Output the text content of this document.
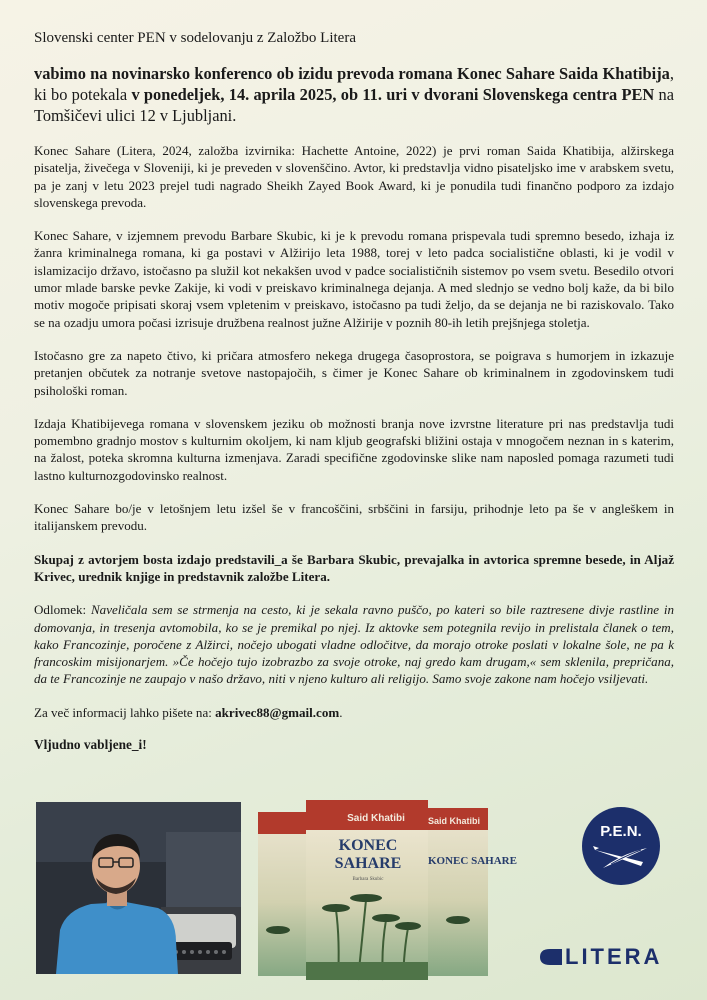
Slovenski center PEN v sodelovanju z Založbo Litera

vabimo na novinarsko konferenco ob izidu prevoda romana Konec Sahare Saida Khatibija, ki bo potekala v ponedeljek, 14. aprila 2025, ob 11. uri v dvorani Slovenskega centra PEN na Tomšičevi ulici 12 v Ljubljani.

Konec Sahare (Litera, 2024, založba izvirnika: Hachette Antoine, 2022) je prvi roman Saida Khatibija, alžirskega pisatelja, živečega v Sloveniji, ki je preveden v slovenščino. Avtor, ki predstavlja vidno pisateljsko ime v arabskem svetu, pa je zanj v letu 2023 prejel tudi nagrado Sheikh Zayed Book Award, ki je ponudila tudi finančno podporo za izdajo slovenskega prevoda.

Konec Sahare, v izjemnem prevodu Barbare Skubic, ki je k prevodu romana prispevala tudi spremno besedo, izhaja iz žanra kriminalnega romana, ki ga postavi v Alžirijo leta 1988, torej v leto padca socialistične oblasti, ki je vodil v islamizacijo državo, istočasno pa služil kot nekakšen uvod v padce socialističnih sistemov po vsem svetu. Besedilo otvori umor mlade barske pevke Zakije, ki vodi v preiskavo kriminalnega dejanja. A med slednjo se vedno bolj kaže, da bi bilo motiv mogoče pripisati skoraj vsem vpletenim v preiskavo, istočasno pa tudi željo, da se dejanja ne bi raziskovalo. Tako se na ozadju umora počasi izrisuje družbena realnost južne Alžirije v poznih 80-ih letih prejšnjega stoletja.

Istočasno gre za napeto čtivo, ki pričara atmosfero nekega drugega časoprostora, se poigrava s humorjem in izkazuje pretanjen občutek za notranje svetove nastopajočih, s čimer je Konec Sahare ob kriminalnem in zgodovinskem tudi psihološki roman.

Izdaja Khatibijevega romana v slovenskem jeziku ob možnosti branja nove izvrstne literature pri nas predstavlja tudi pomembno gradnjo mostov s kulturnim okoljem, ki nam kljub geografski bližini ostaja v mnogočem neznan in s katerim, na žalost, poteka skromna kulturna izmenjava. Zaradi specifične zgodovinske slike nam naposled pomaga razumeti tudi lastno kulturnozgodovinsko realnost.

Konec Sahare bo/je v letošnjem letu izšel še v francoščini, srbščini in farsiju, prihodnje leto pa še v angleškem in italijanskem prevodu.

Skupaj z avtorjem bosta izdajo predstavili_a še Barbara Skubic, prevajalka in avtorica spremne besede, in Aljaž Krivec, urednik knjige in predstavnik založbe Litera.

Odlomek: Naveličala sem se strmenja na cesto, ki je sekala ravno puščo, po kateri so bile raztresene divje rastline in domovanja, in tresenja avtomobila, ko se je premikal po njej. Iz aktovke sem potegnila revijo in prelistala članek o tem, kako Francozinje, poročene z Alžirci, nočejo ubogati vladne odločitve, da morajo otroke poslati v lokalne šole, ne pa k francoskim misijonarjem. »Če hočejo tujo izobrazbo za svoje otroke, naj gredo kam drugam,« sem sklenila, prepričana, da te Francozinje ne zaupajo v našo državo, niti v njeno kulturo ali religijo. Samo svoje zakone nam hočejo vsiljevati.

Za več informacij lahko pišete na: akrivec88@gmail.com.

Vljudno vabljene_i!

Said Khatibi
KONEC SAHARE
Said Khatibi
KONEC
SAHARE
Barbara Skubic
P.E.N.
LITERA
